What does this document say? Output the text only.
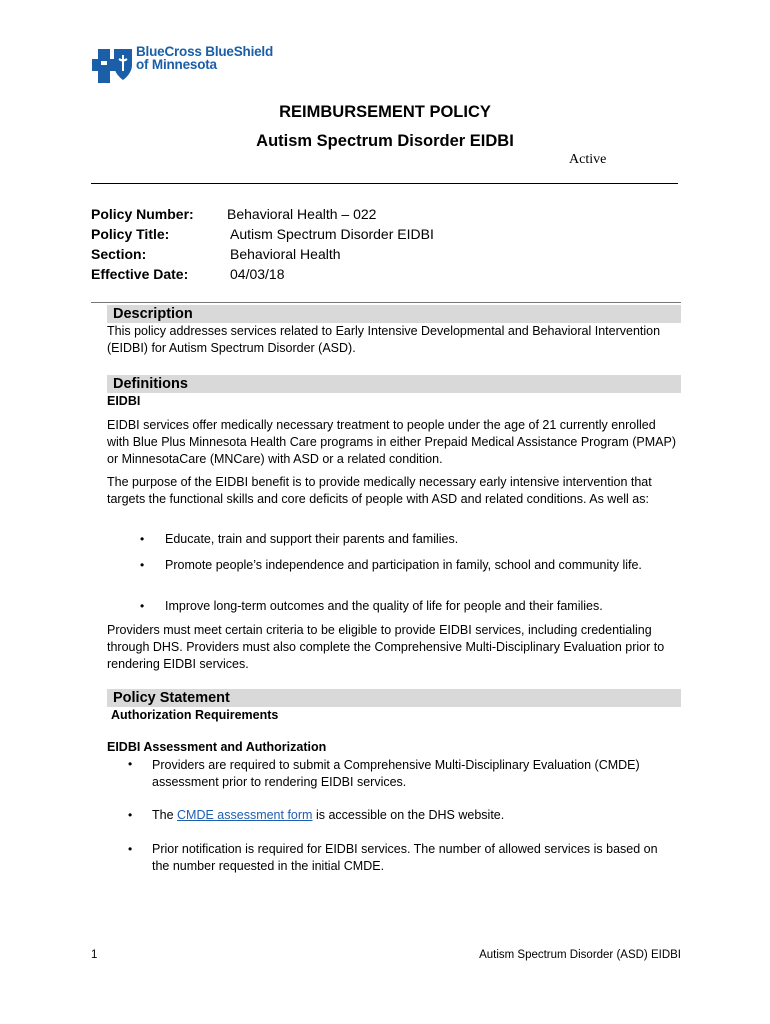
BlueCross BlueShield
of Minnesota
REIMBURSEMENT POLICY
Autism Spectrum Disorder EIDBI
Active
Policy Number: Behavioral Health – 022
Policy Title:	Autism Spectrum Disorder EIDBI
Section:	Behavioral Health
Effective Date:	04/03/18
Description
This policy addresses services related to Early Intensive Developmental and Behavioral Intervention (EIDBI) for Autism Spectrum Disorder (ASD).
Definitions
EIDBI
EIDBI services offer medically necessary treatment to people under the age of 21 currently enrolled with Blue Plus Minnesota Health Care programs in either Prepaid Medical Assistance Program (PMAP) or MinnesotaCare (MNCare) with ASD or a related condition.
The purpose of the EIDBI benefit is to provide medically necessary early intensive intervention that targets the functional skills and core deficits of people with ASD and related conditions. As well as:
• Educate, train and support their parents and families.
• Promote people’s independence and participation in family, school and community life.
• Improve long-term outcomes and the quality of life for people and their families.
Providers must meet certain criteria to be eligible to provide EIDBI services, including credentialing through DHS. Providers must also complete the Comprehensive Multi-Disciplinary Evaluation prior to rendering EIDBI services.
Policy Statement
Authorization Requirements
EIDBI Assessment and Authorization
• Providers are required to submit a Comprehensive Multi-Disciplinary Evaluation (CMDE) assessment prior to rendering EIDBI services.
• The CMDE assessment form is accessible on the DHS website.
• Prior notification is required for EIDBI services. The number of allowed services is based on the number requested in the initial CMDE.
1	Autism Spectrum Disorder (ASD) EIDBI
